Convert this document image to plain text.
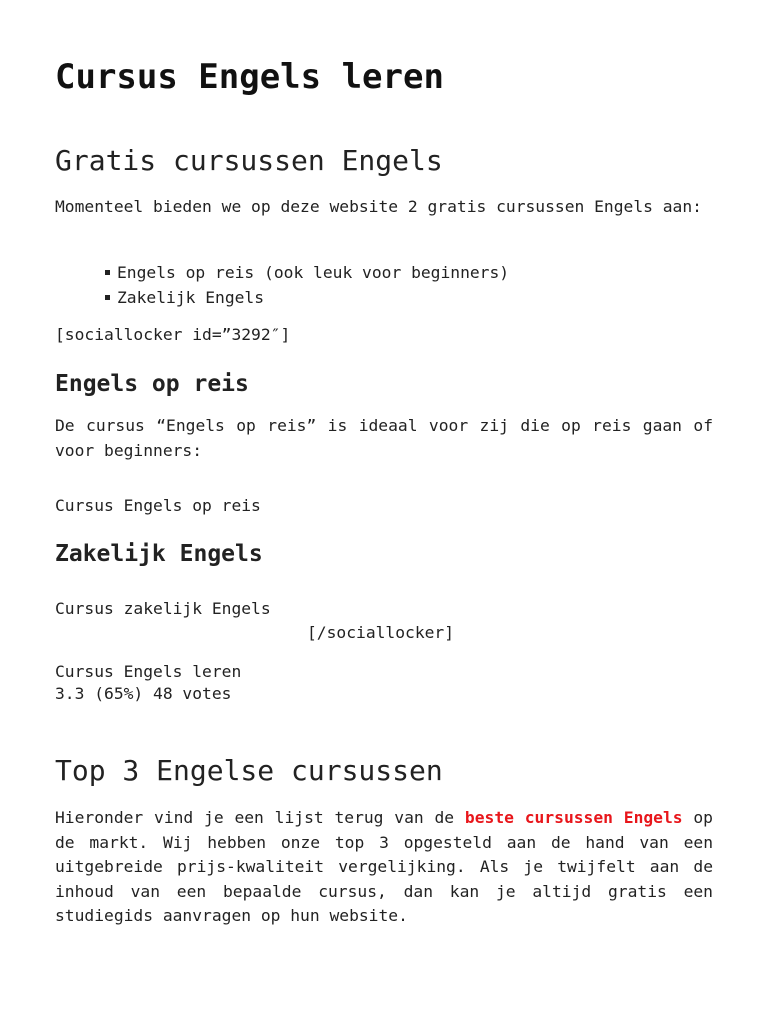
Cursus Engels leren
Gratis cursussen Engels

Momenteel bieden we op deze website 2 gratis cursussen Engels aan:

Engels op reis (ook leuk voor beginners)
Zakelijk Engels
[sociallocker id=”3292″]
Engels op reis

De cursus “Engels op reis” is ideaal voor zij die op reis gaan of voor beginners:

Cursus Engels op reis
Zakelijk Engels
Cursus zakelijk Engels
[/sociallocker]
Cursus Engels leren
3.3 (65%) 48 votes
Top 3 Engelse cursussen

Hieronder vind je een lijst terug van de beste cursussen Engels op de markt. Wij hebben onze top 3 opgesteld aan de hand van een uitgebreide prijs-kwaliteit vergelijking. Als je twijfelt aan de inhoud van een bepaalde cursus, dan kan je altijd gratis een studiegids aanvragen op hun website.
